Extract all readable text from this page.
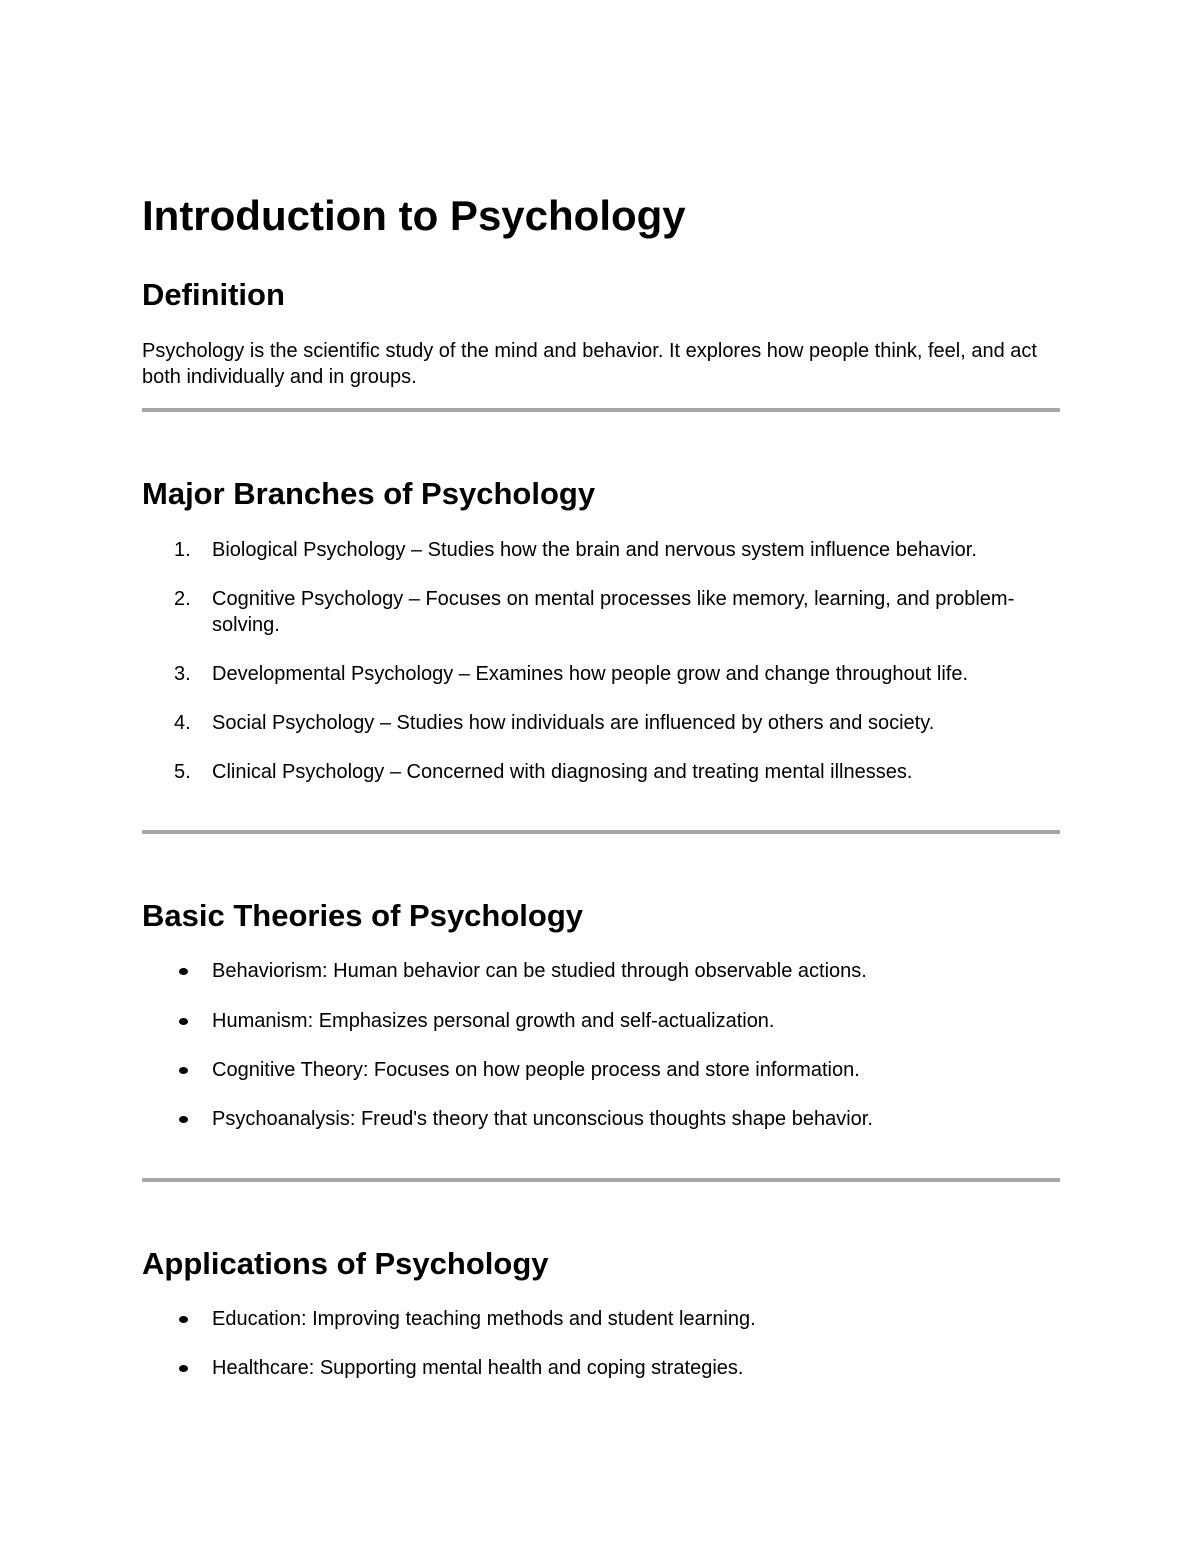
Introduction to Psychology
Definition

Psychology is the scientific study of the mind and behavior. It explores how people think, feel, and act both individually and in groups.

Major Branches of Psychology
1.	Biological Psychology – Studies how the brain and nervous system influence behavior.
2.	Cognitive Psychology – Focuses on mental processes like memory, learning, and problem-solving.
3.	Developmental Psychology – Examines how people grow and change throughout life.
4.	Social Psychology – Studies how individuals are influenced by others and society.
5.	Clinical Psychology – Concerned with diagnosing and treating mental illnesses.
Basic Theories of Psychology
Behaviorism: Human behavior can be studied through observable actions.
Humanism: Emphasizes personal growth and self-actualization.
Cognitive Theory: Focuses on how people process and store information.
Psychoanalysis: Freud's theory that unconscious thoughts shape behavior.
Applications of Psychology
Education: Improving teaching methods and student learning.
Healthcare: Supporting mental health and coping strategies.
